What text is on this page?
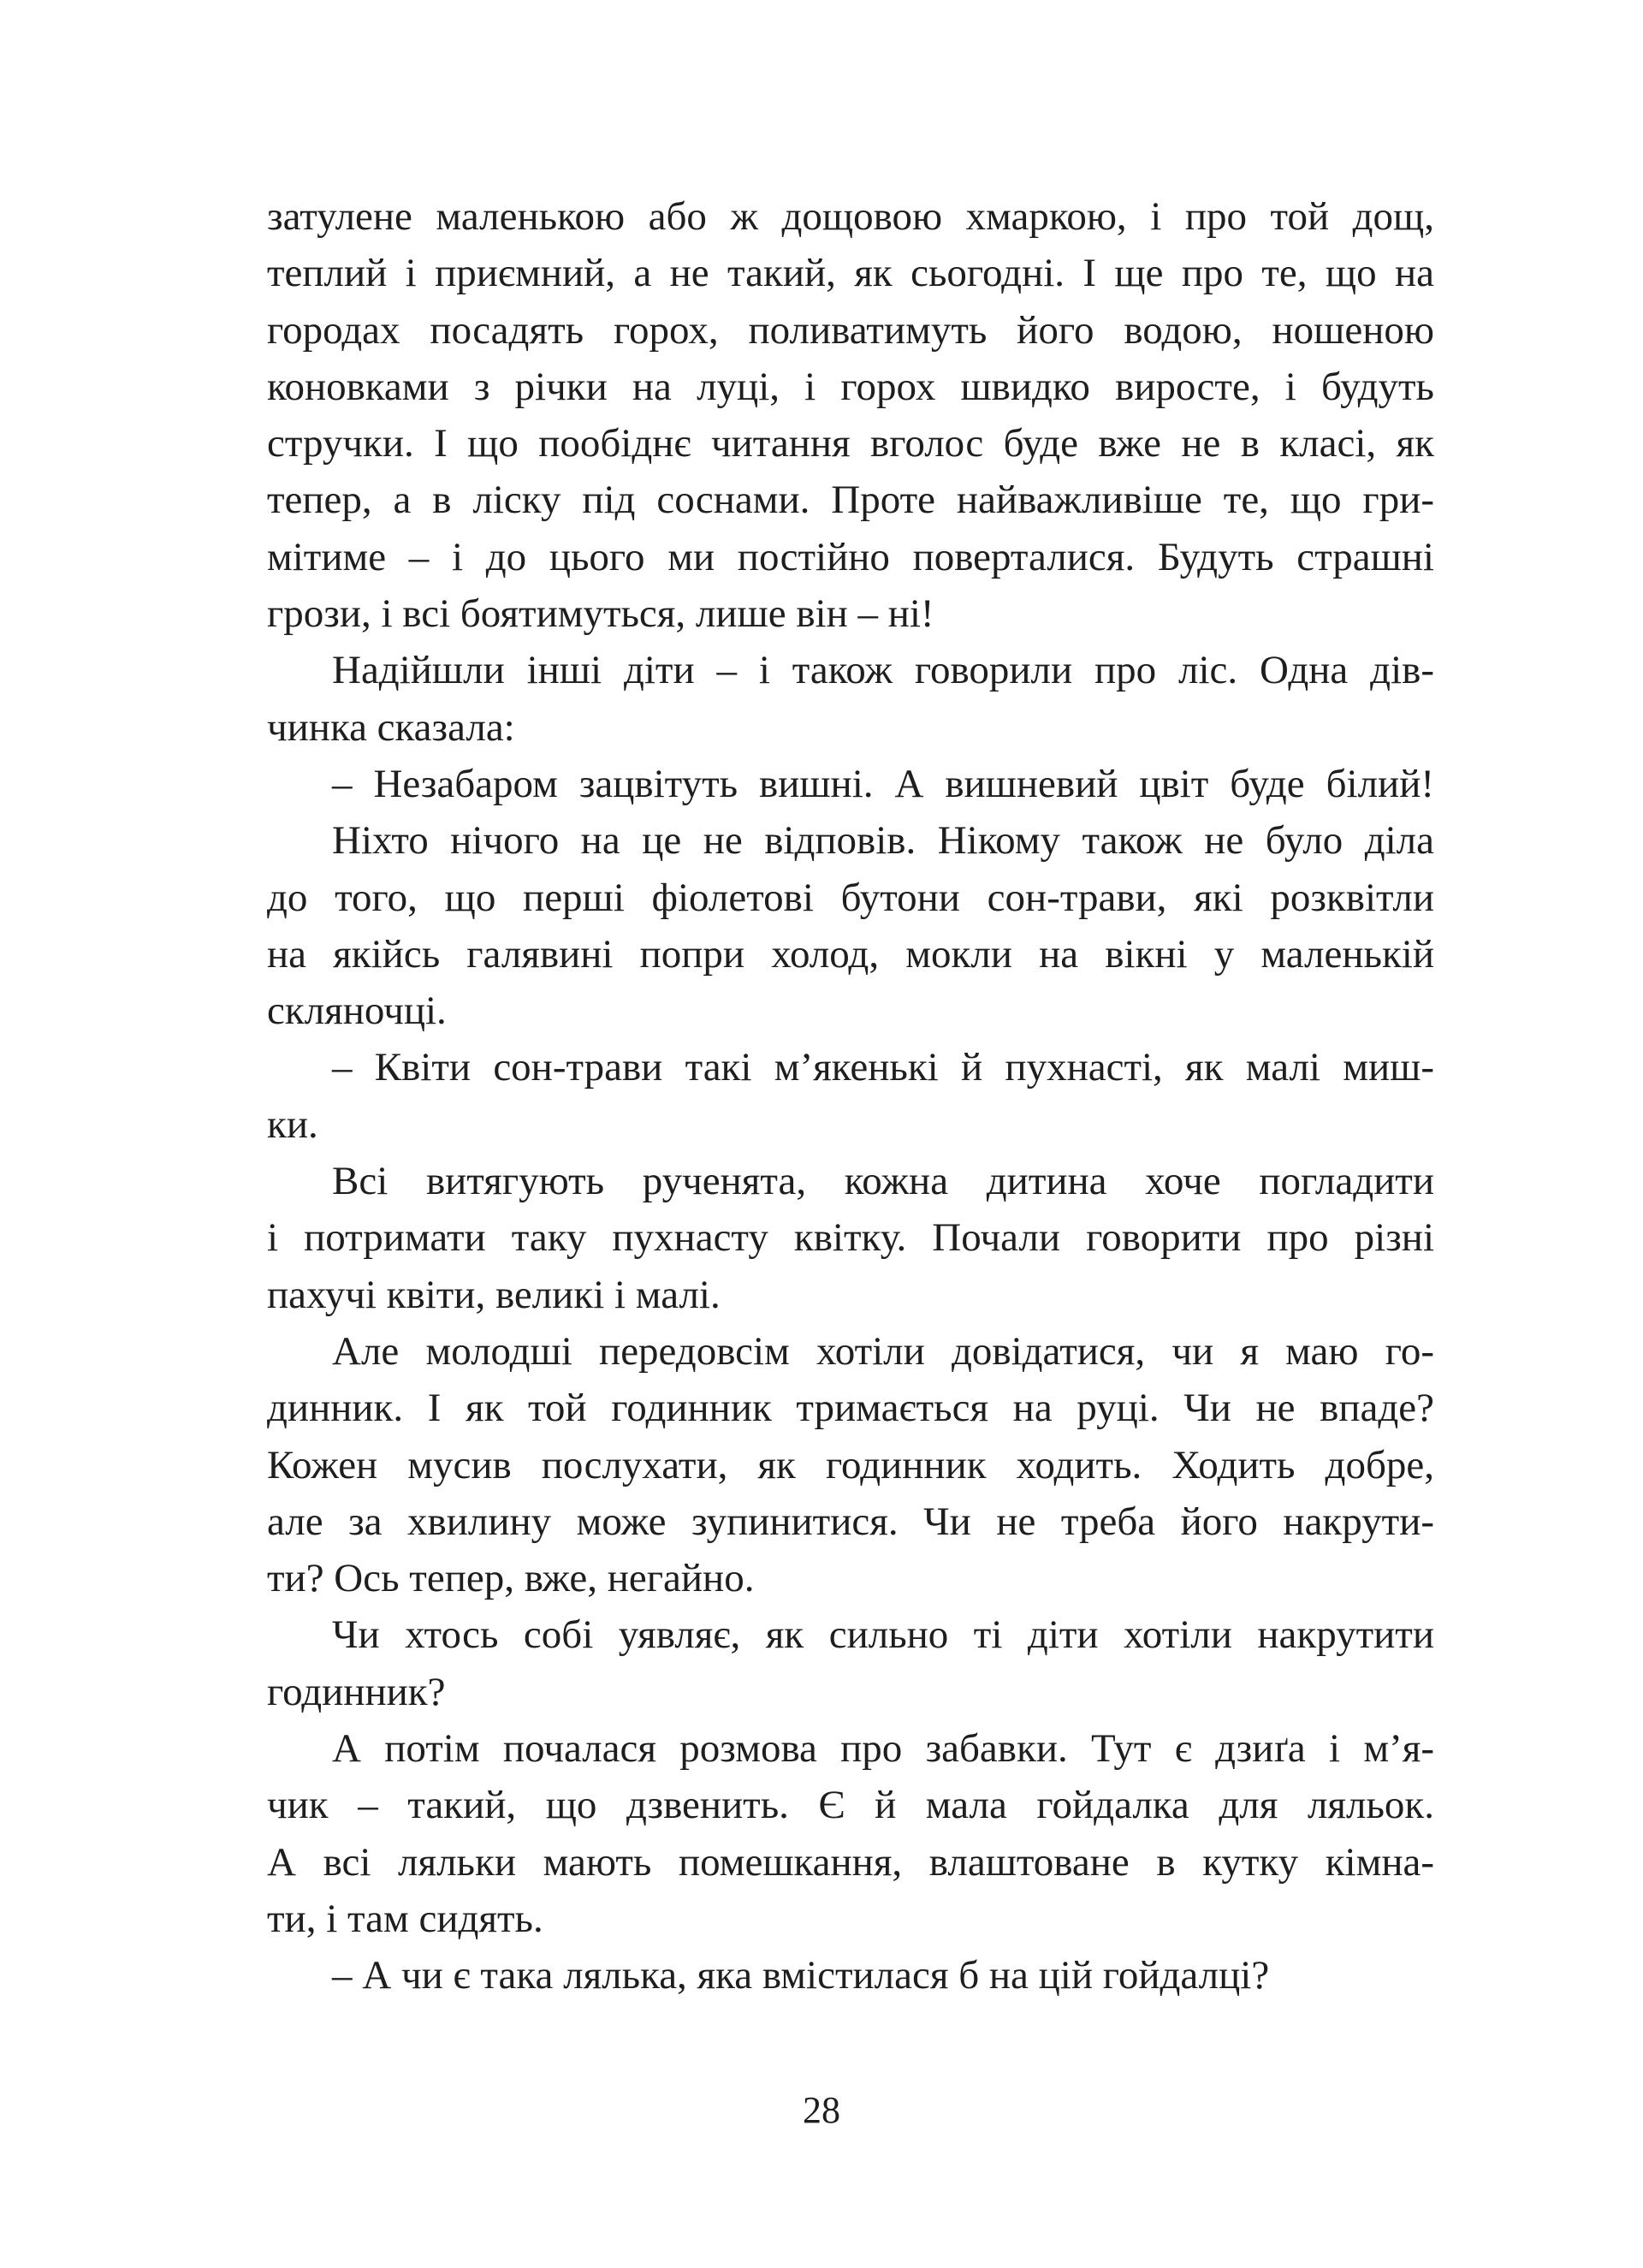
затулене маленькою або ж дощовою хмаркою, і про той дощ,
теплий і приємний, а не такий, як сьогодні. І ще про те, що на
городах посадять горох, поливатимуть його водою, ношеною
коновками з річки на луці, і горох швидко виросте, і будуть
стручки. І що пообіднє читання вголос буде вже не в класі, як
тепер, а в ліску під соснами. Проте найважливіше те, що гри-
мітиме – і до цього ми постійно поверталися. Будуть страшні
грози, і всі боятимуться, лише він – ні!
Надійшли інші діти – і також говорили про ліс. Одна дів-
чинка сказала:
– Незабаром зацвітуть вишні. А вишневий цвіт буде білий!
Ніхто нічого на це не відповів. Нікому також не було діла
до того, що перші фіолетові бутони сон-трави, які розквітли
на якійсь галявині попри холод, мокли на вікні у маленькій
скляночці.
– Квіти сон-трави такі м’якенькі й пухнасті, як малі миш-
ки.
Всі витягують рученята, кожна дитина хоче погладити
і потримати таку пухнасту квітку. Почали говорити про різні
пахучі квіти, великі і малі.
Але молодші передовсім хотіли довідатися, чи я маю го-
динник. І як той годинник тримається на руці. Чи не впаде?
Кожен мусив послухати, як годинник ходить. Ходить добре,
але за хвилину може зупинитися. Чи не треба його накрути-
ти? Ось тепер, вже, негайно.
Чи хтось собі уявляє, як сильно ті діти хотіли накрутити
годинник?
А потім почалася розмова про забавки. Тут є дзиґа і м’я-
чик – такий, що дзвенить. Є й мала гойдалка для ляльок.
А всі ляльки мають помешкання, влаштоване в кутку кімна-
ти, і там сидять.
– А чи є така лялька, яка вмістилася б на цій гойдалці?
28
